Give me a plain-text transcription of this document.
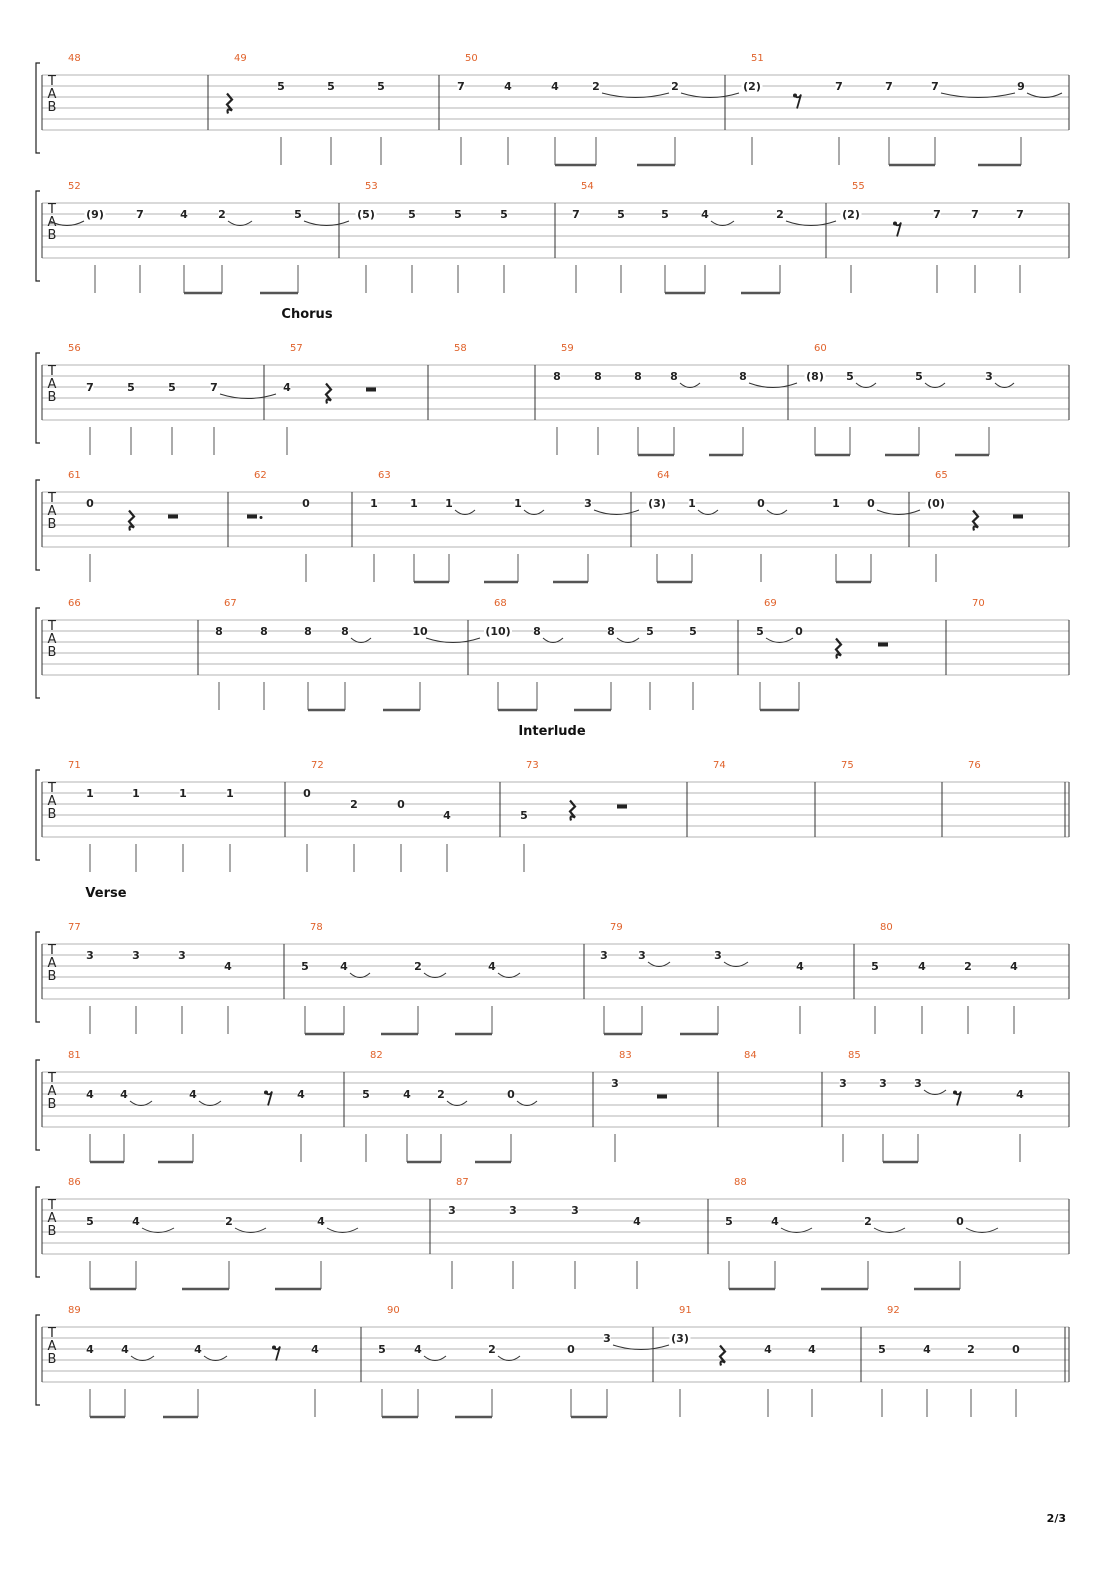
T
A
B
48	49
5	5	5
50
7	4	4	2	2
51
(2)	7	7	7	9
T
A
B
52
(9)	7	4	2	5
53
(5)	5	5	5
54
7	5	5	4	2
55
(2)	7	7	7
Chorus
T
A
B
56
7	5	5	7
57
4
58	59
8	8	8	8	8
60
(8) 5	5	3
T
A
B
61
0
62
0
63
1	1 1	1	3
64
(3) 1	0	1 0
65
(0)
T
A
B
66	67
8	8	8	8	10
68
(10) 8	8	5	5
69
5	0
70
Interlude
T
A
B
71
1	1	1	1
72
0
2	0
4
73
5
74	75	76
Verse
T
A
B
77
3	3	3
4
78
5	4	2	4
79
3	3	3
4
80
5	4	2	4
T
A
B
81
4 4	4	4
82
5	4 2	0
83
3
84	85
3	3 3
4
T
A
B
86
5	4	2	4
87
3	3	3
4
88
5	4	2	0
T
A
B
89
4 4	4	4
90
5	4	2	0
3
91
(3)
4	4
92
5	4	2	0
2/3
